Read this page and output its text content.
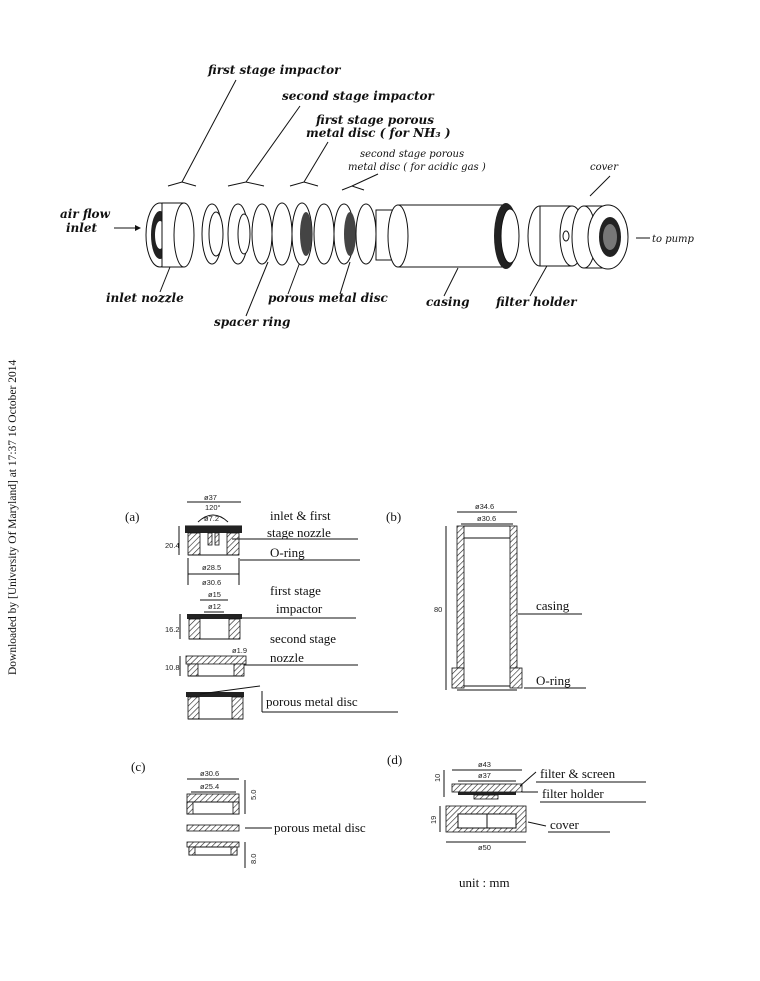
Downloaded by [University Of Maryland] at 17:37 16 October 2014
first stage impactor
second stage impactor
first stage porous
metal disc ( for NH₃ )
second stage porous
metal disc ( for acidic gas )	cover
air flow
inlet
to pump
inlet nozzle	porous metal disc	casing filter holder
spacer ring
(a)
ø37
120°
ø7.2
20.4
ø28.5
ø30.6
inlet & first
stage nozzle
O-ring
ø15
ø12
16.2
first stage
impactor
ø1.9
10.8
second stage
nozzle
porous metal disc
(b)
ø34.6
ø30.6
80	casing
O-ring
(c)	ø30.6
ø25.4
5.0
porous metal disc
8.0
(d)	ø43
ø37
10	filter & screen
filter holder
19	cover
ø50
unit : mm
